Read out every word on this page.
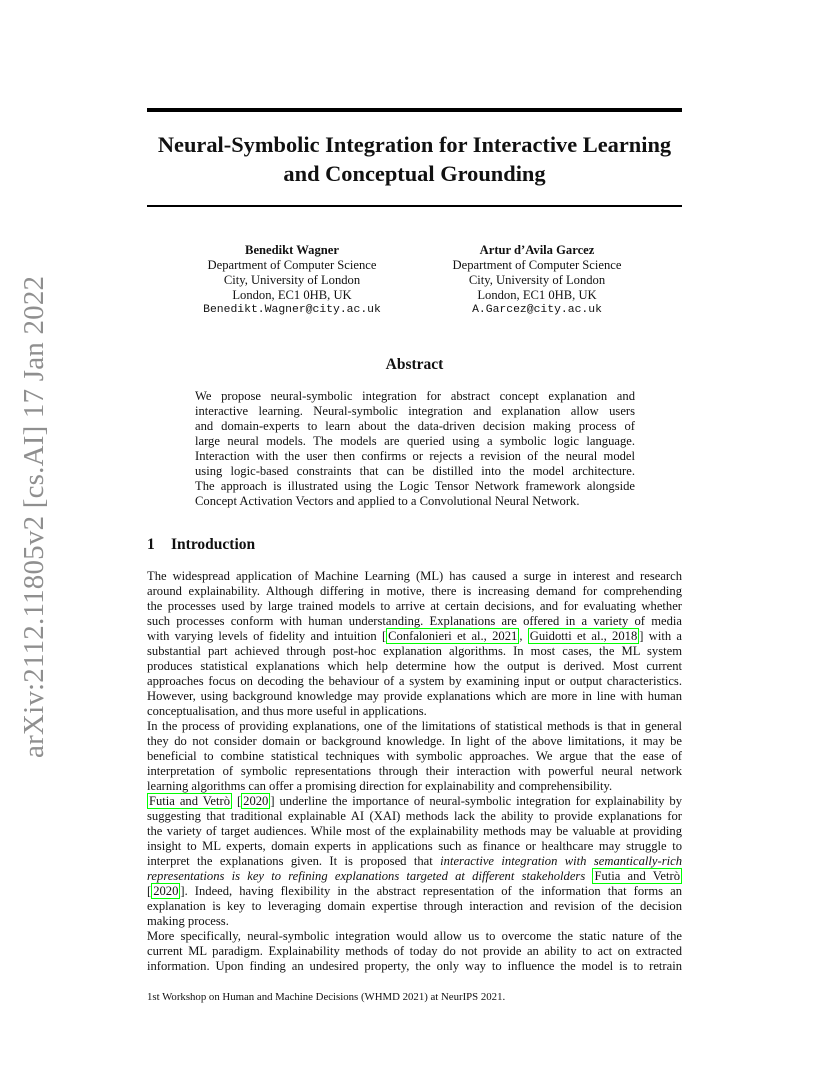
arXiv:2112.11805v2 [cs.AI] 17 Jan 2022
Neural-Symbolic Integration for Interactive Learning
and Conceptual Grounding
Benedikt Wagner
Department of Computer Science
City, University of London
London, EC1 0HB, UK
Benedikt.Wagner@city.ac.uk
Artur d’Avila Garcez
Department of Computer Science
City, University of London
London, EC1 0HB, UK
A.Garcez@city.ac.uk
Abstract
We propose neural-symbolic integration for abstract concept explanation and
interactive learning. Neural-symbolic integration and explanation allow users
and domain-experts to learn about the data-driven decision making process of
large neural models. The models are queried using a symbolic logic language.
Interaction with the user then confirms or rejects a revision of the neural model
using logic-based constraints that can be distilled into the model architecture.
The approach is illustrated using the Logic Tensor Network framework alongside
Concept Activation Vectors and applied to a Convolutional Neural Network.
1 Introduction
The widespread application of Machine Learning (ML) has caused a surge in interest and research
around explainability. Although differing in motive, there is increasing demand for comprehending
the processes used by large trained models to arrive at certain decisions, and for evaluating whether
such processes conform with human understanding. Explanations are offered in a variety of media
with varying levels of fidelity and intuition [ Confalonieri et al., 2021 , Guidotti et al., 2018 ] with a
substantial part achieved through post-hoc explanation algorithms. In most cases, the ML system
produces statistical explanations which help determine how the output is derived. Most current
approaches focus on decoding the behaviour of a system by examining input or output characteristics.
However, using background knowledge may provide explanations which are more in line with human
conceptualisation, and thus more useful in applications.
In the process of providing explanations, one of the limitations of statistical methods is that in general
they do not consider domain or background knowledge. In light of the above limitations, it may be
beneficial to combine statistical techniques with symbolic approaches. We argue that the ease of
interpretation of symbolic representations through their interaction with powerful neural network
learning algorithms can offer a promising direction for explainability and comprehensibility.
Futia and Vetrò [ 2020 ] underline the importance of neural-symbolic integration for explainability by
suggesting that traditional explainable AI (XAI) methods lack the ability to provide explanations for
the variety of target audiences. While most of the explainability methods may be valuable at providing
insight to ML experts, domain experts in applications such as finance or healthcare may struggle to
interpret the explanations given. It is proposed that interactive integration with semantically-rich
representations is key to refining explanations targeted at different stakeholders Futia and Vetrò
[ 2020 ]. Indeed, having flexibility in the abstract representation of the information that forms an
explanation is key to leveraging domain expertise through interaction and revision of the decision
making process.
More specifically, neural-symbolic integration would allow us to overcome the static nature of the
current ML paradigm. Explainability methods of today do not provide an ability to act on extracted
information. Upon finding an undesired property, the only way to influence the model is to retrain
1st Workshop on Human and Machine Decisions (WHMD 2021) at NeurIPS 2021.
